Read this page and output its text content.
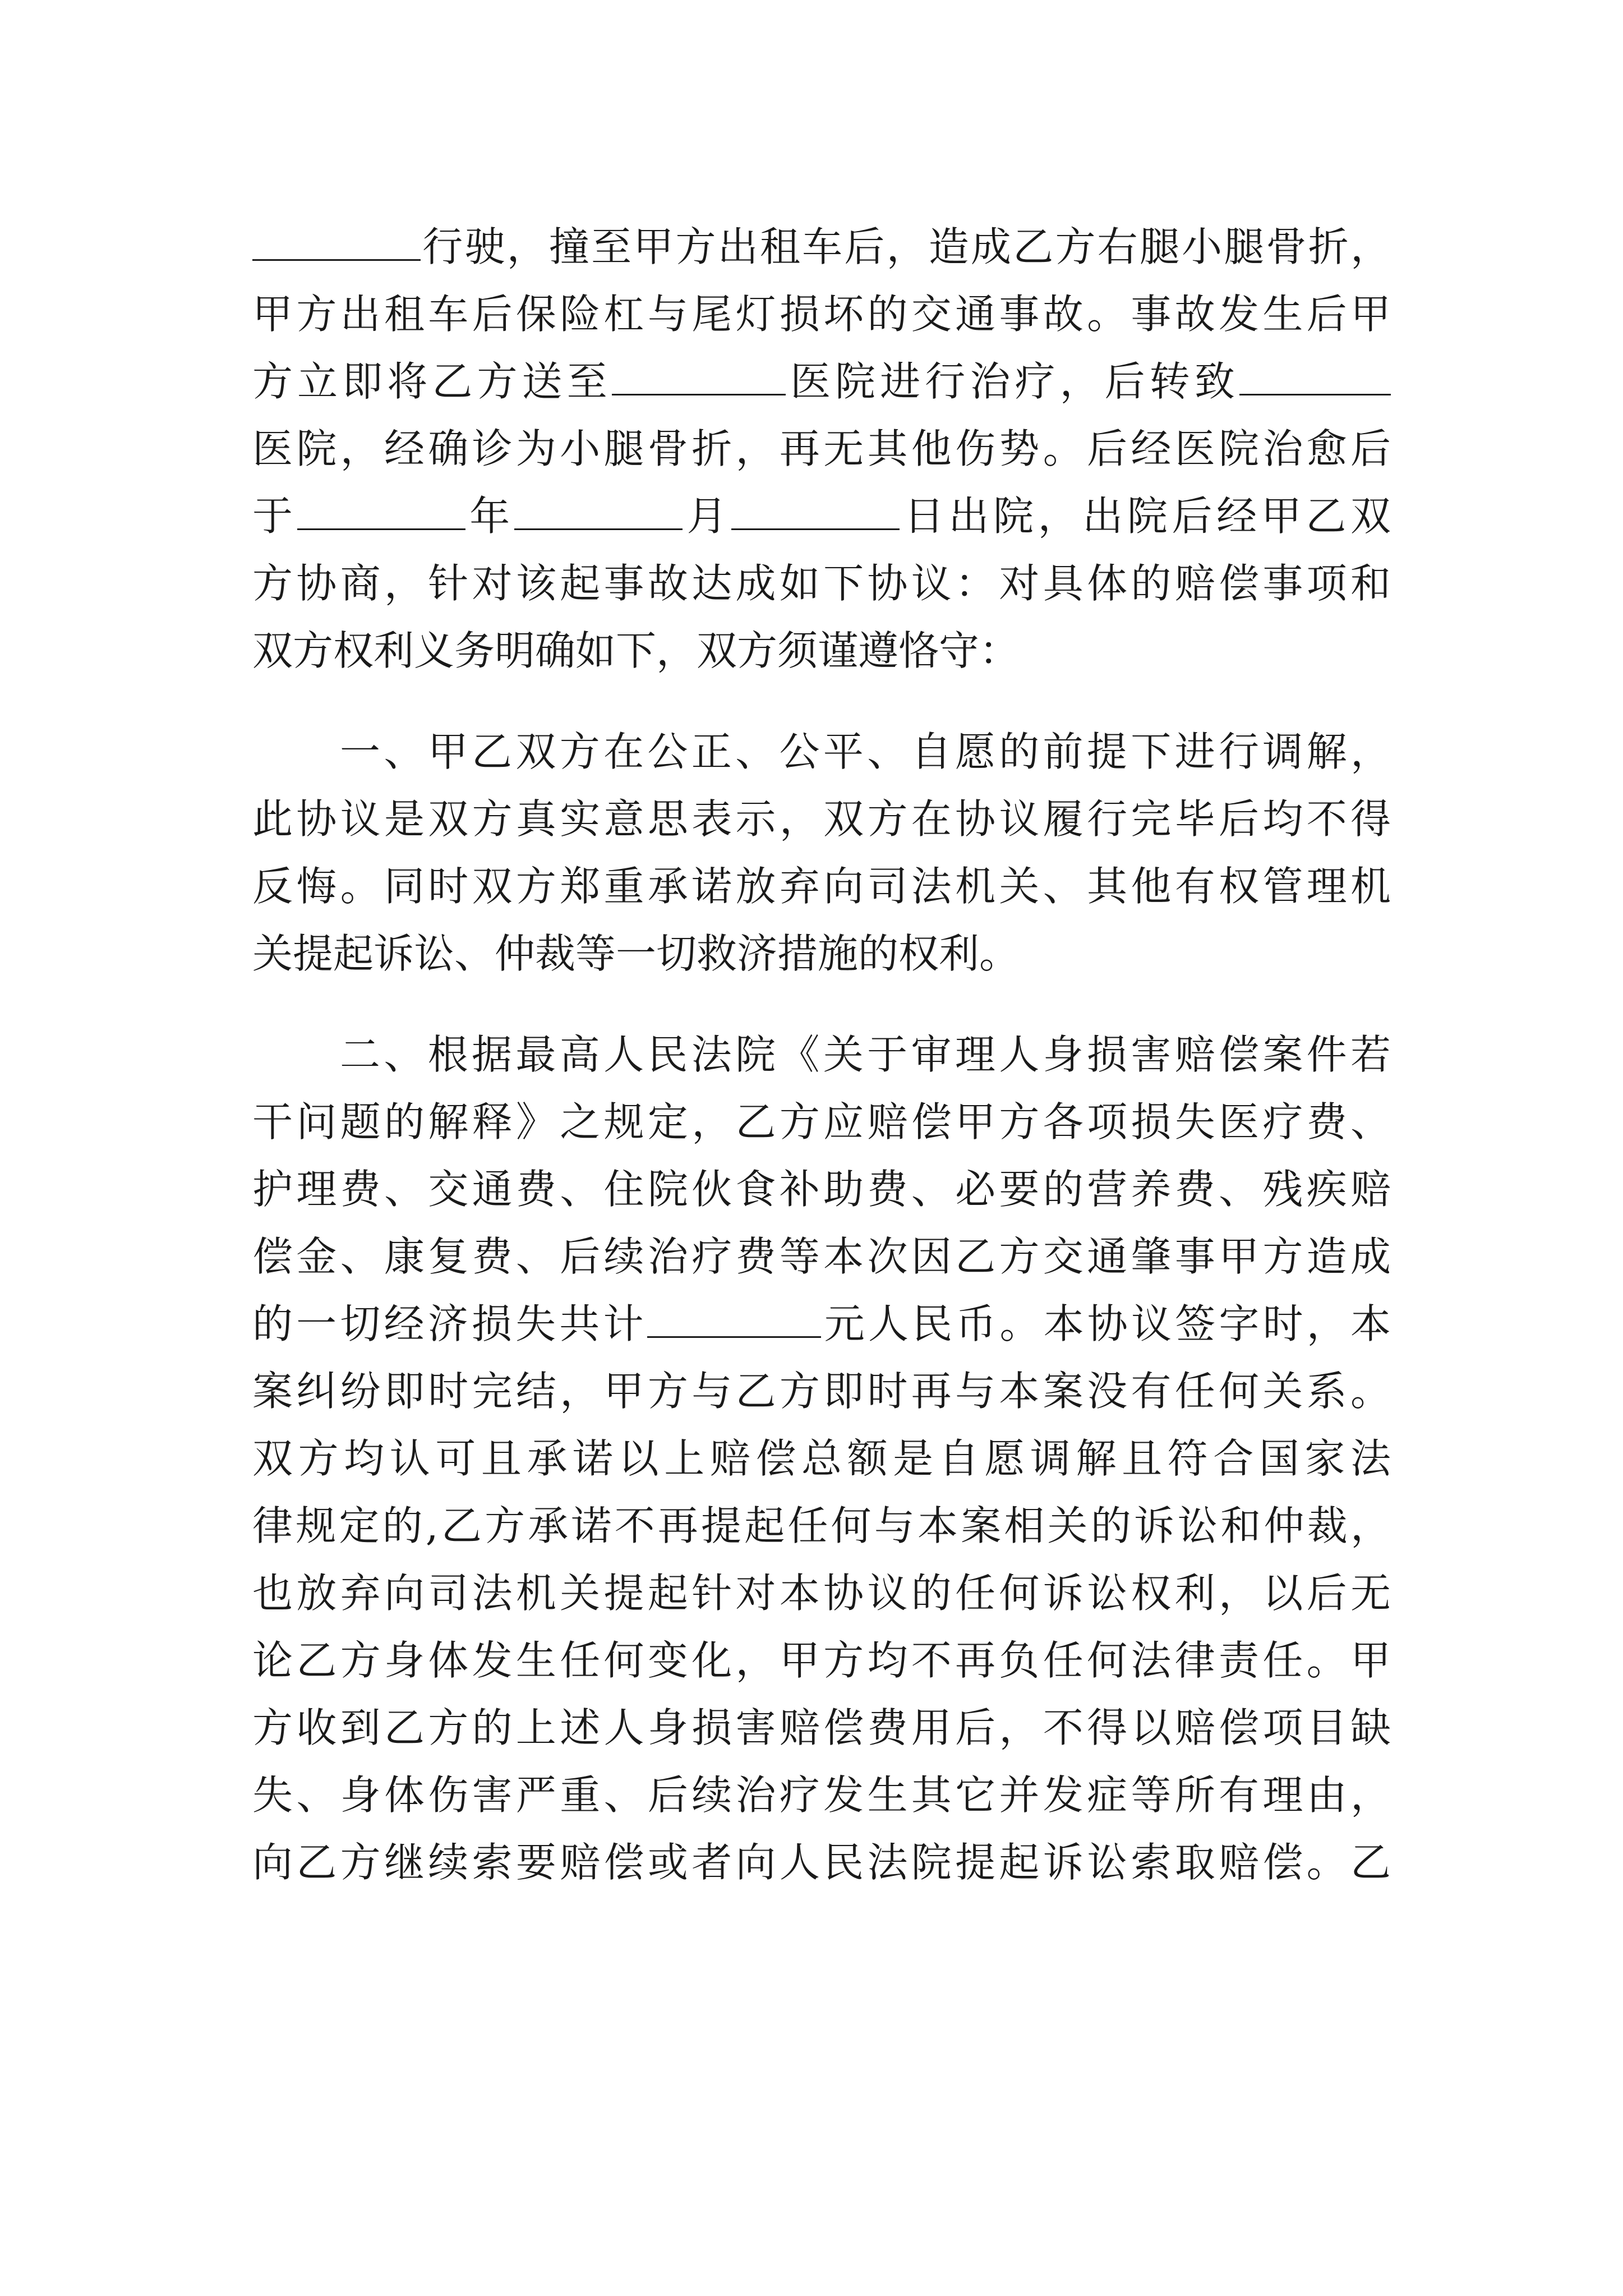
行驶，撞至甲方出租车后，造成乙方右腿小腿骨折，
甲方出租车后保险杠与尾灯损坏的交通事故。事故发生后甲
方立即将乙方送至	医院进行治疗，后转致
医院，经确诊为小腿骨折，再无其他伤势。后经医院治愈后
于	年	月	日出院，出院后经甲乙双
方协商，针对该起事故达成如下协议：对具体的赔偿事项和
双方权利义务明确如下，双方须谨遵恪守：
一、甲乙双方在公正、公平、自愿的前提下进行调解，
此协议是双方真实意思表示，双方在协议履行完毕后均不得
反悔。同时双方郑重承诺放弃向司法机关、其他有权管理机
关提起诉讼、仲裁等一切救济措施的权利。
二、根据最高人民法院《关于审理人身损害赔偿案件若
干问题的解释》之规定，乙方应赔偿甲方各项损失医疗费、
护理费、交通费、住院伙食补助费、必要的营养费、残疾赔
偿金、康复费、后续治疗费等本次因乙方交通肇事甲方造成
的一切经济损失共计	元人民币。本协议签字时，本
案纠纷即时完结，甲方与乙方即时再与本案没有任何关系。
双方均认可且承诺以上赔偿总额是自愿调解且符合国家法
律规定的,乙方承诺不再提起任何与本案相关的诉讼和仲裁，
也放弃向司法机关提起针对本协议的任何诉讼权利，以后无
论乙方身体发生任何变化，甲方均不再负任何法律责任。甲
方收到乙方的上述人身损害赔偿费用后，不得以赔偿项目缺
失、身体伤害严重、后续治疗发生其它并发症等所有理由，
向乙方继续索要赔偿或者向人民法院提起诉讼索取赔偿。乙
